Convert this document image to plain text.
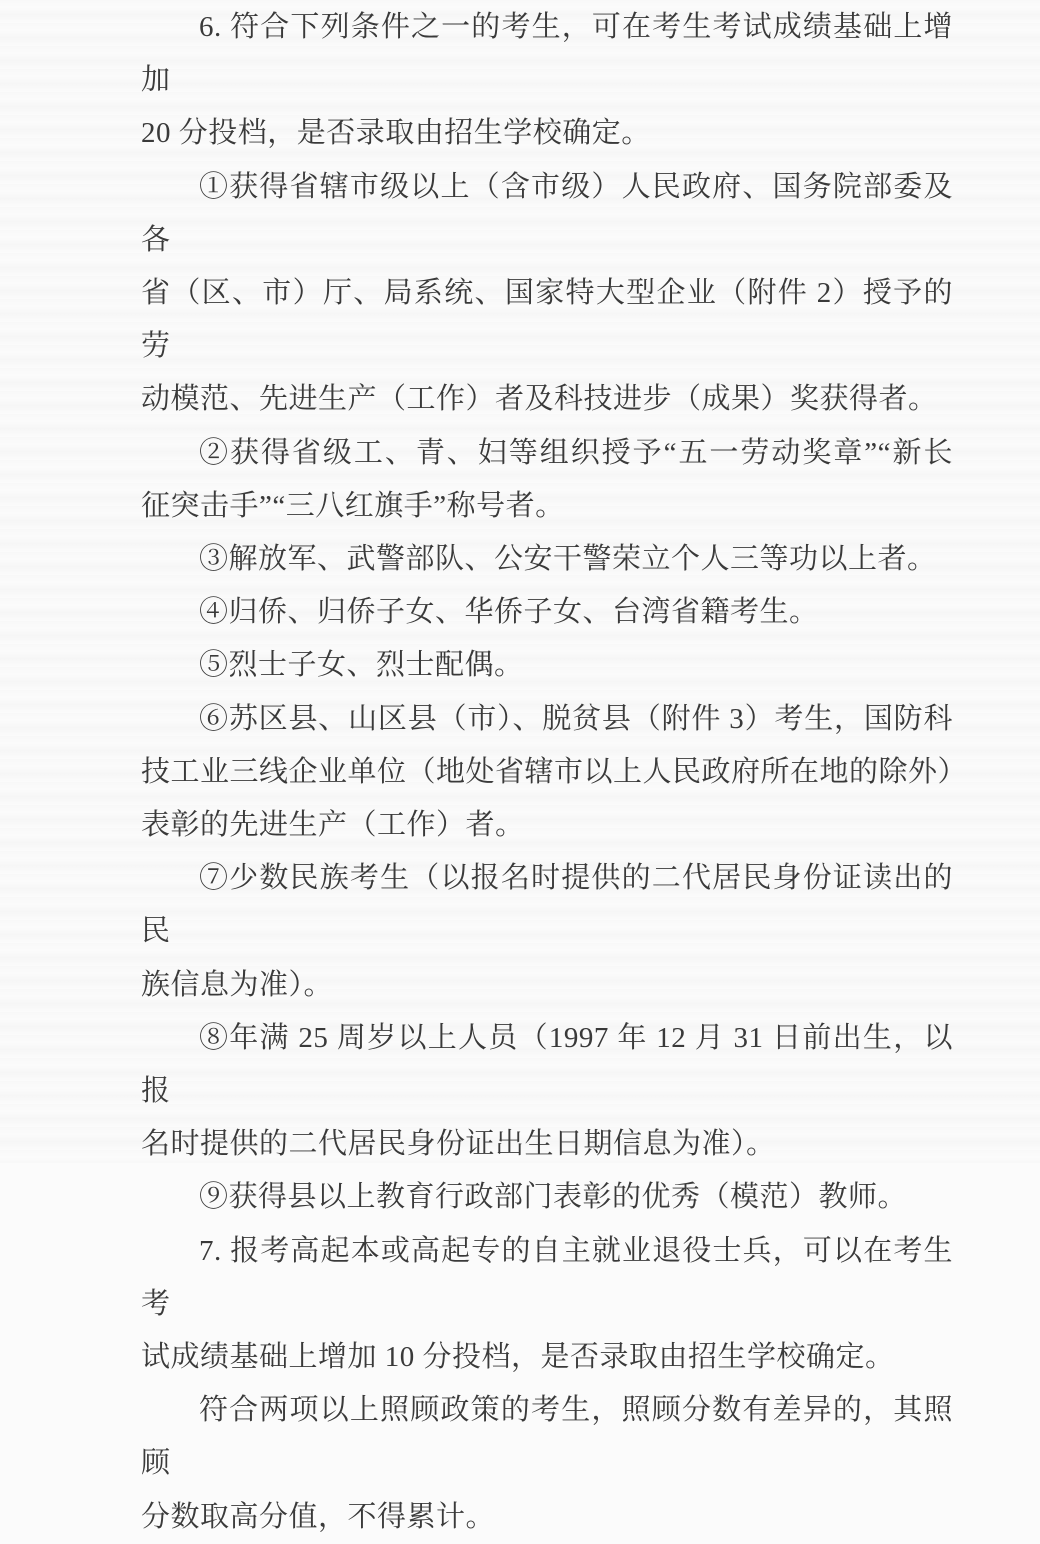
6. 符合下列条件之一的考生，可在考生考试成绩基础上增加
20 分投档，是否录取由招生学校确定。
①获得省辖市级以上（含市级）人民政府、国务院部委及各
省（区、市）厅、局系统、国家特大型企业（附件 2）授予的劳
动模范、先进生产（工作）者及科技进步（成果）奖获得者。
②获得省级工、青、妇等组织授予“五一劳动奖章”“新长
征突击手”“三八红旗手”称号者。
③解放军、武警部队、公安干警荣立个人三等功以上者。
④归侨、归侨子女、华侨子女、台湾省籍考生。
⑤烈士子女、烈士配偶。
⑥苏区县、山区县（市）、脱贫县（附件 3）考生，国防科
技工业三线企业单位（地处省辖市以上人民政府所在地的除外）
表彰的先进生产（工作）者。
⑦少数民族考生（以报名时提供的二代居民身份证读出的民
族信息为准）。
⑧年满 25 周岁以上人员（1997 年 12 月 31 日前出生，以报
名时提供的二代居民身份证出生日期信息为准）。
⑨获得县以上教育行政部门表彰的优秀（模范）教师。
7. 报考高起本或高起专的自主就业退役士兵，可以在考生考
试成绩基础上增加 10 分投档，是否录取由招生学校确定。
符合两项以上照顾政策的考生，照顾分数有差异的，其照顾
分数取高分值，不得累计。
